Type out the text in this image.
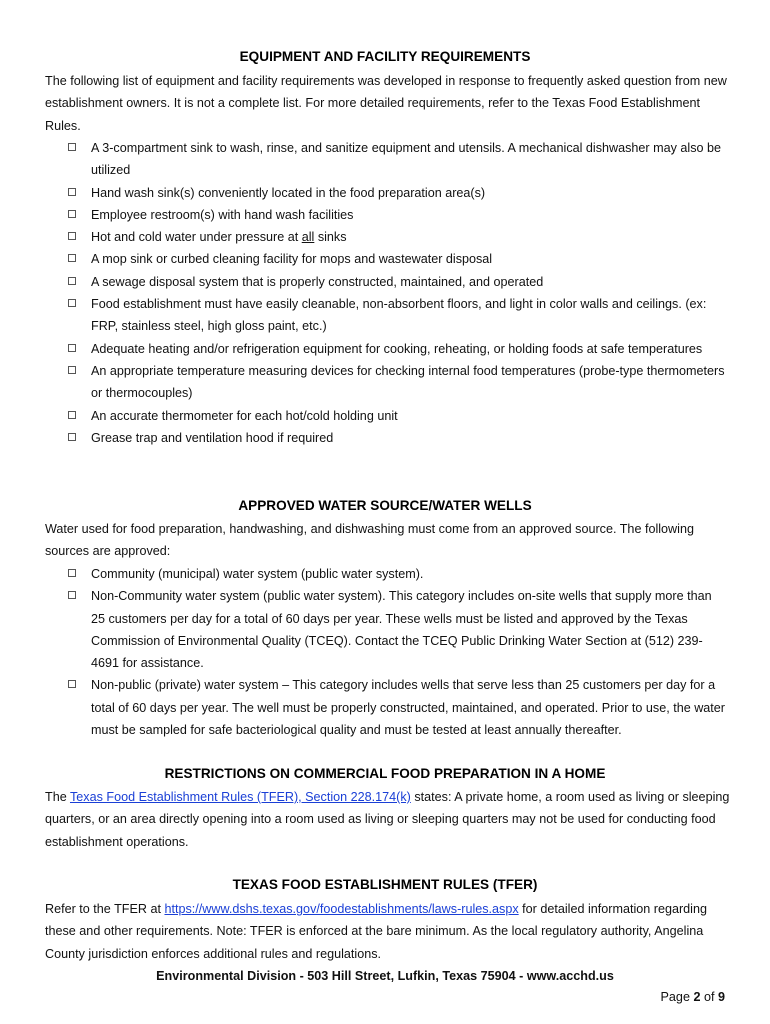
EQUIPMENT AND FACILITY REQUIREMENTS

The following list of equipment and facility requirements was developed in response to frequently asked question from new establishment owners. It is not a complete list. For more detailed requirements, refer to the Texas Food Establishment Rules.

A 3-compartment sink to wash, rinse, and sanitize equipment and utensils. A mechanical dishwasher may also be utilized
Hand wash sink(s) conveniently located in the food preparation area(s)
Employee restroom(s) with hand wash facilities
Hot and cold water under pressure at all sinks
A mop sink or curbed cleaning facility for mops and wastewater disposal
A sewage disposal system that is properly constructed, maintained, and operated
Food establishment must have easily cleanable, non-absorbent floors, and light in color walls and ceilings. (ex: FRP, stainless steel, high gloss paint, etc.)
Adequate heating and/or refrigeration equipment for cooking, reheating, or holding foods at safe temperatures
An appropriate temperature measuring devices for checking internal food temperatures (probe-type thermometers or thermocouples)
An accurate thermometer for each hot/cold holding unit
Grease trap and ventilation hood if required
APPROVED WATER SOURCE/WATER WELLS

Water used for food preparation, handwashing, and dishwashing must come from an approved source. The following sources are approved:

Community (municipal) water system (public water system).
Non-Community water system (public water system). This category includes on-site wells that supply more than 25 customers per day for a total of 60 days per year. These wells must be listed and approved by the Texas Commission of Environmental Quality (TCEQ). Contact the TCEQ Public Drinking Water Section at (512) 239-4691 for assistance.
Non-public (private) water system – This category includes wells that serve less than 25 customers per day for a total of 60 days per year. The well must be properly constructed, maintained, and operated. Prior to use, the water must be sampled for safe bacteriological quality and must be tested at least annually thereafter.
RESTRICTIONS ON COMMERCIAL FOOD PREPARATION IN A HOME

The Texas Food Establishment Rules (TFER), Section 228.174(k) states: A private home, a room used as living or sleeping quarters, or an area directly opening into a room used as living or sleeping quarters may not be used for conducting food establishment operations.

TEXAS FOOD ESTABLISHMENT RULES (TFER)

Refer to the TFER at https://www.dshs.texas.gov/foodestablishments/laws-rules.aspx for detailed information regarding these and other requirements. Note: TFER is enforced at the bare minimum. As the local regulatory authority, Angelina County jurisdiction enforces additional rules and regulations.

Environmental Division - 503 Hill Street, Lufkin, Texas 75904 - www.acchd.us
Page 2 of 9
